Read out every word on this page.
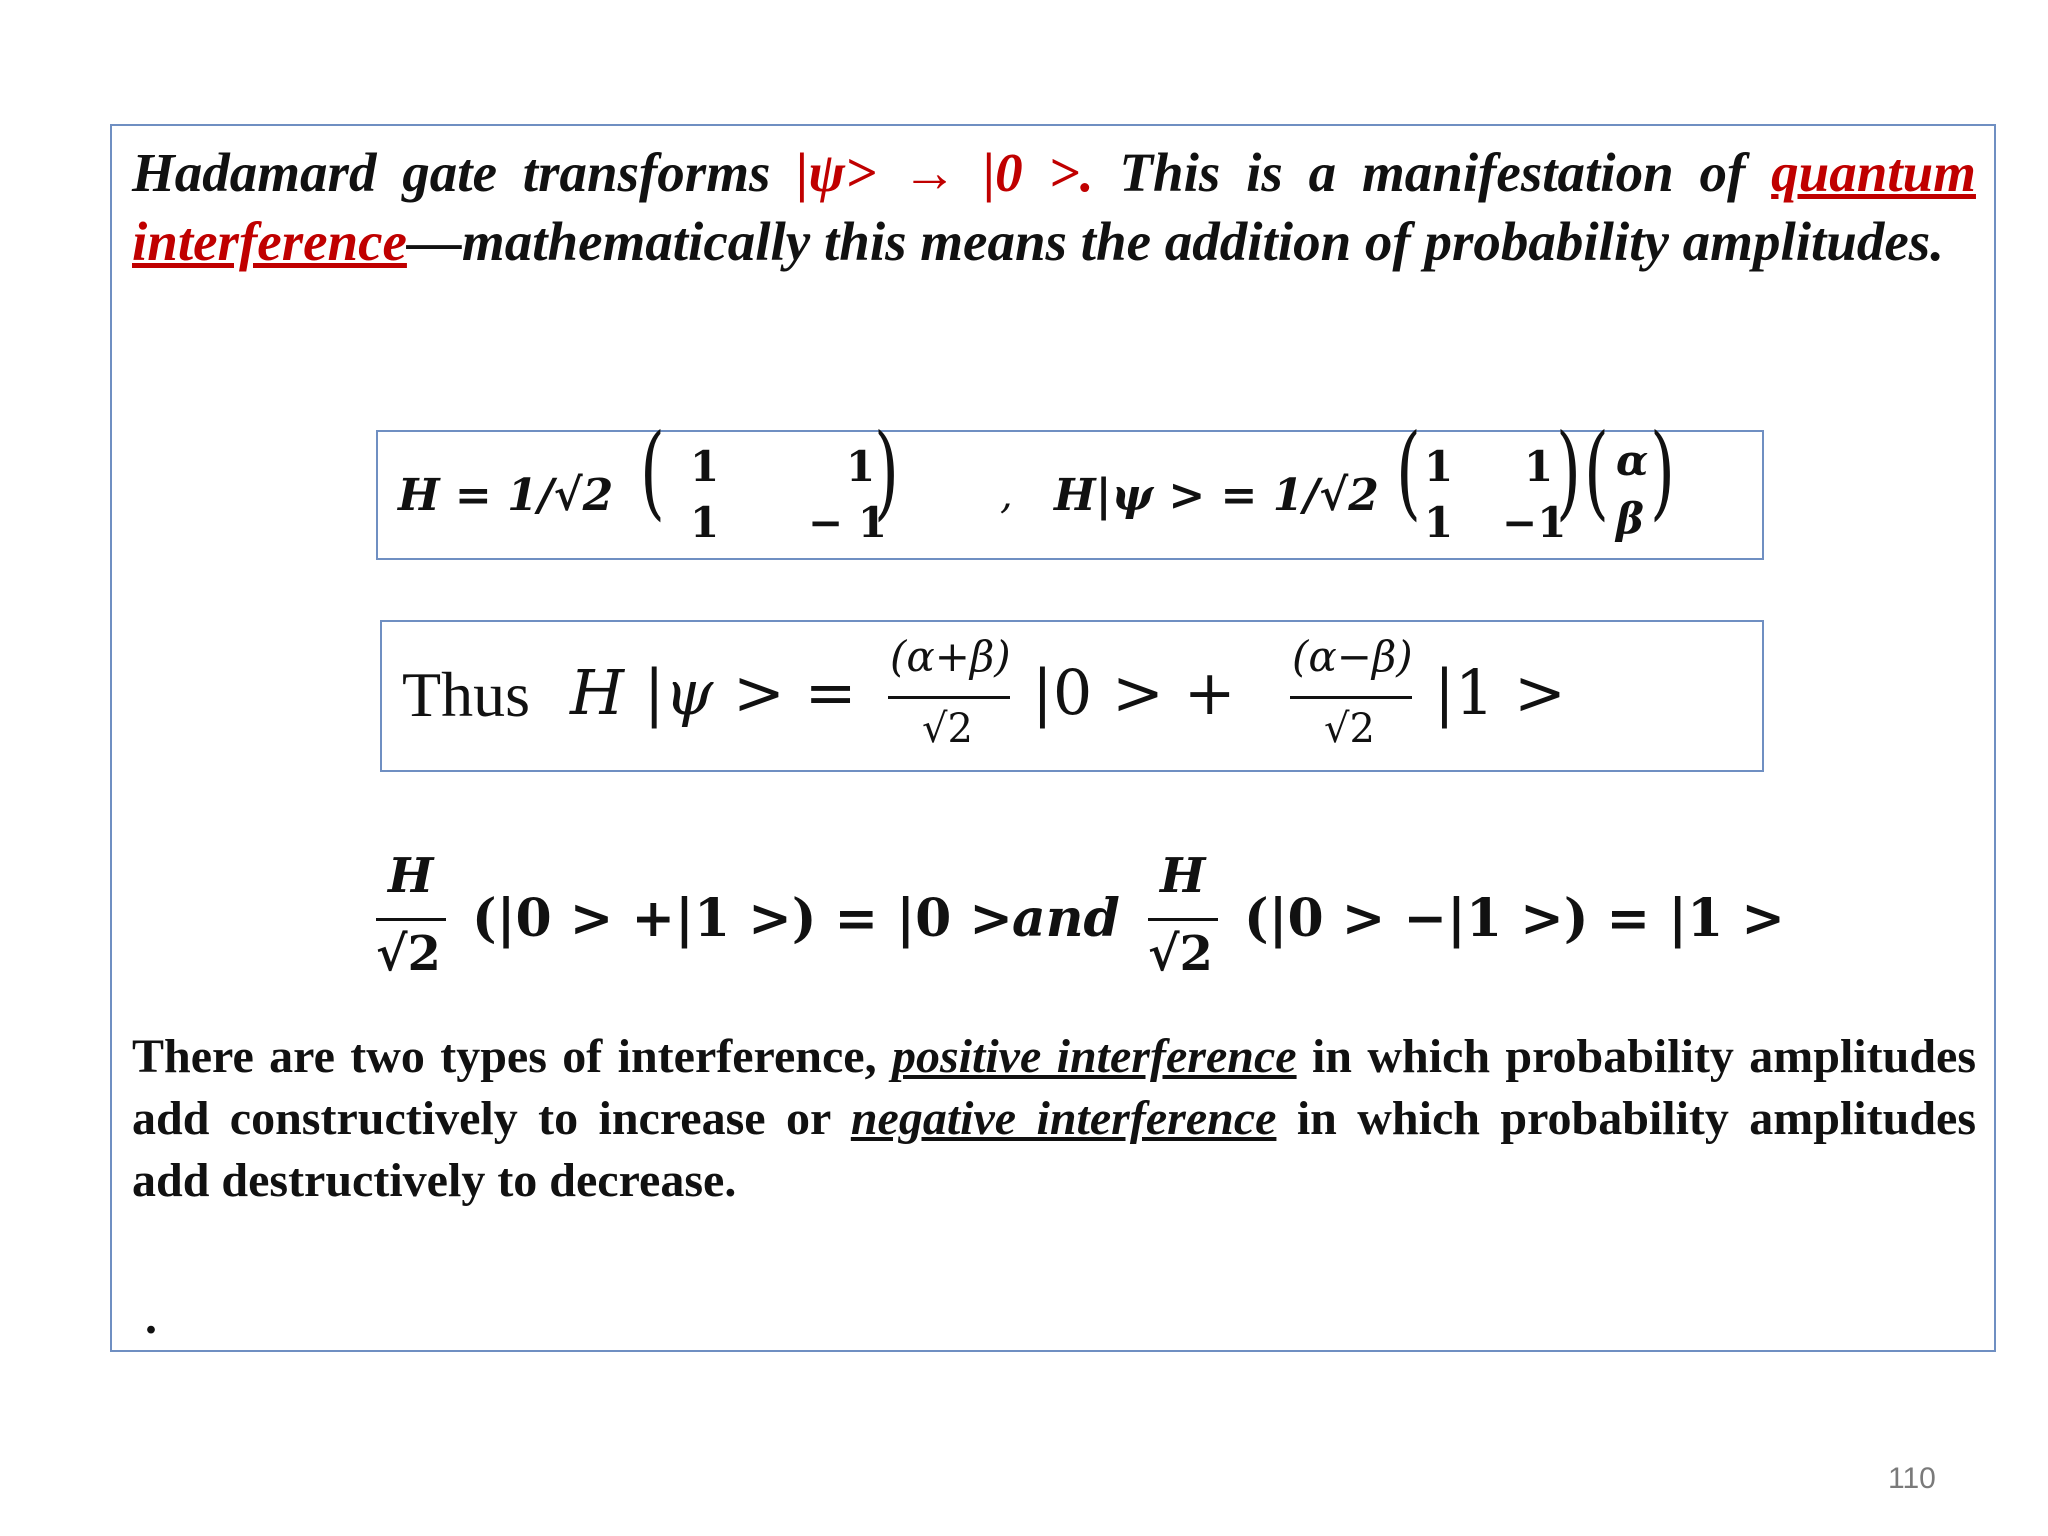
Hadamard gate transforms |ψ> → |0 >. This is a manifestation of quantum interference—mathematically this means the addition of probability amplitudes.
H = 1/√2 ( 1	1
1 − 1
)	, H|ψ > = 1/√2 ( 1 1
1 −1
) ( α
β )
Thus H |ψ > = (α+β)
√2 |0 > + (α−β)
√2 |1 >
H
√2
(|0 > +|1 >) = |0 > and
H
√2
(|0 > −|1 >) = |1 >
There are two types of interference, positive interference in which probability amplitudes add constructively to increase or negative interference in which probability amplitudes add destructively to decrease.
.
110
